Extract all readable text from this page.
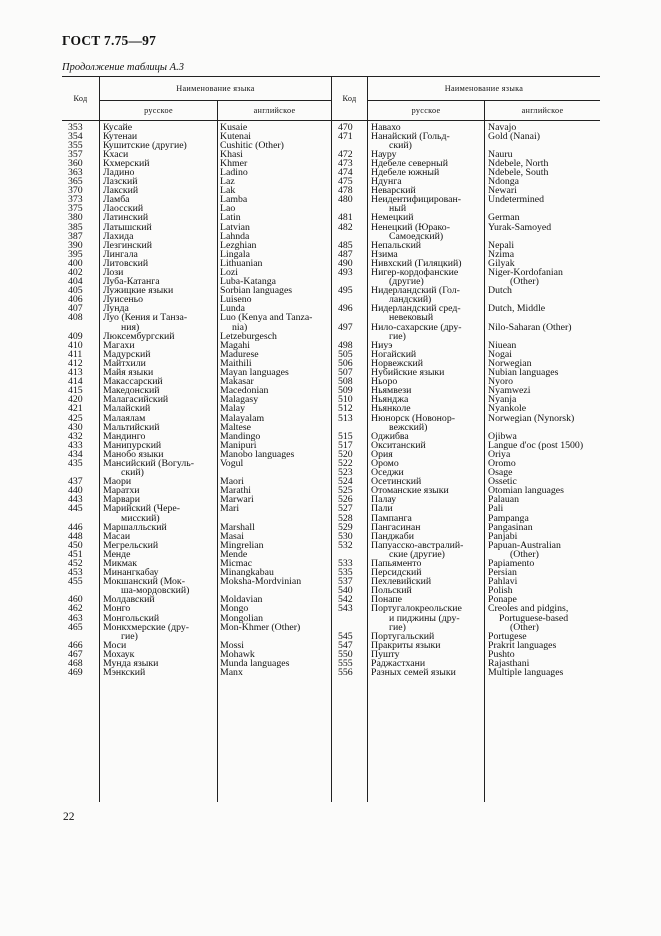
ГОСТ 7.75—97
Продолжение таблицы А.3
Код
Наименование языка
русское	английское
Код
Наименование языка
русское	английское
353 Кусайе	Kusaie
354 Кутенаи	Kutenai
355 Кушитские (другие)	Cushitic (Other)
357 Кхаси	Khasi
360 Кхмерский	Khmer
363 Ладино	Ladino
365 Лазский	Laz
370 Лакский	Lak
373 Ламба	Lamba
375 Лаосский	Lao
380 Латинский	Latin
385 Латышский	Latvian
387 Лахида	Lahnda
390 Лезгинский	Lezghian
395 Лингала	Lingala
400 Литовский	Lithuanian
402 Лози	Lozi
404 Луба-Катанга	Luba-Katanga
405 Лужицкие языки	Sorbian languages
406 Луисеньо	Luiseno
407 Лунда	Lunda
408 Луо (Кения и Танза-
ния)
Luo (Kenya and Tanza-
nia)
409 Люксембургский	Letzeburgesch
410 Магахи	Magahi
411 Мадурский	Madurese
412 Майтхили	Maithili
413 Майя языки	Mayan languages
414 Макассарский	Makasar
415 Македонский	Macedonian
420 Малагасийский	Malagasy
421 Малайский	Malay
425 Малаялам	Malayalam
430 Мальтийский	Maltese
432 Мандинго	Mandingo
433 Манипурский	Manipuri
434 Манобо языки	Manobo languages
435 Мансийский (Вогуль-
ский)
Vogul
437 Маори	Maori
440 Маратхи	Marathi
443 Марвари	Marwari
445 Марийский (Чере-
мисский)
Mari
446 Маршалльский	Marshall
448 Масаи	Masai
450 Мегрельский	Mingrelian
451 Менде	Mende
452 Микмак	Micmac
453 Минангкабау	Minangkabau
455 Мокшанский (Мок-
ша-мордовский)
Moksha-Mordvinian
460 Молдавский	Moldavian
462 Монго	Mongo
463 Монгольский	Mongolian
465 Монкхмерские (дру-
гие)
Mon-Khmer (Other)
466 Моси	Mossi
467 Мохаук	Mohawk
468 Мунда языки	Munda languages
469 Мэнкский	Manx
470 Навахо	Navajo
471 Нанайский (Гольд-
ский)
Gold (Nanai)
472 Науру	Nauru
473 Ндебеле северный	Ndebele, North
474 Ндебеле южный	Ndebele, South
475 Ндунга	Ndonga
478 Неварский	Newari
480 Неидентифицирован-
ный
Undetermined
481 Немецкий	German
482 Ненецкий (Юрако-
Самоедский)
Yurak-Samoyed
485 Непальский	Nepali
487 Нзима	Nzima
490 Нивхский (Гиляцкий)	Gilyak
493 Нигер-кордофанские
(другие)
Niger-Kordofanian
(Other)
495 Нидерландский (Гол-
ландский)
Dutch
496 Нидерландский сред-
невековый
Dutch, Middle
497 Нило-сахарские (дру-
гие)
Nilo-Saharan (Other)
498 Ниуэ	Niuean
505 Ногайский	Nogai
506 Норвежский	Norwegian
507 Нубийские языки	Nubian languages
508 Ньоро	Nyoro
509 Ньямвези	Nyamwezi
510 Ньянджа	Nyanja
512 Ньянколе	Nyankole
513 Нюнорск (Новонор-
вежский)
Norwegian (Nynorsk)
515 Оджибва	Ojibwa
517 Окситанский	Langue d'oc (post 1500)
520 Ория	Oriya
522 Оромо	Oromo
523 Оседжи	Osage
524 Осетинский	Ossetic
525 Отоманские языки	Otomian languages
526 Палау	Palauan
527 Пали	Pali
528 Пампанга	Pampanga
529 Пангасинан	Pangasinan
530 Панджаби	Panjabi
532 Папуасско-австралий-
ские (другие)
Papuan-Australian
(Other)
533 Папьяменто	Papiamento
535 Персидский	Persian
537 Пехлевийский	Pahlavi
540 Польский	Polish
542 Понапе	Ponape
543 Португалокреольские
и пиджины (дру-
гие)
Creoles and pidgins,
Portuguese-based
(Other)
545 Португальский	Portugese
547 Пракриты языки	Prakrit languages
550 Пушту	Pushto
555 Раджастхани	Rajasthani
556 Разных семей языки	Multiple languages
22
